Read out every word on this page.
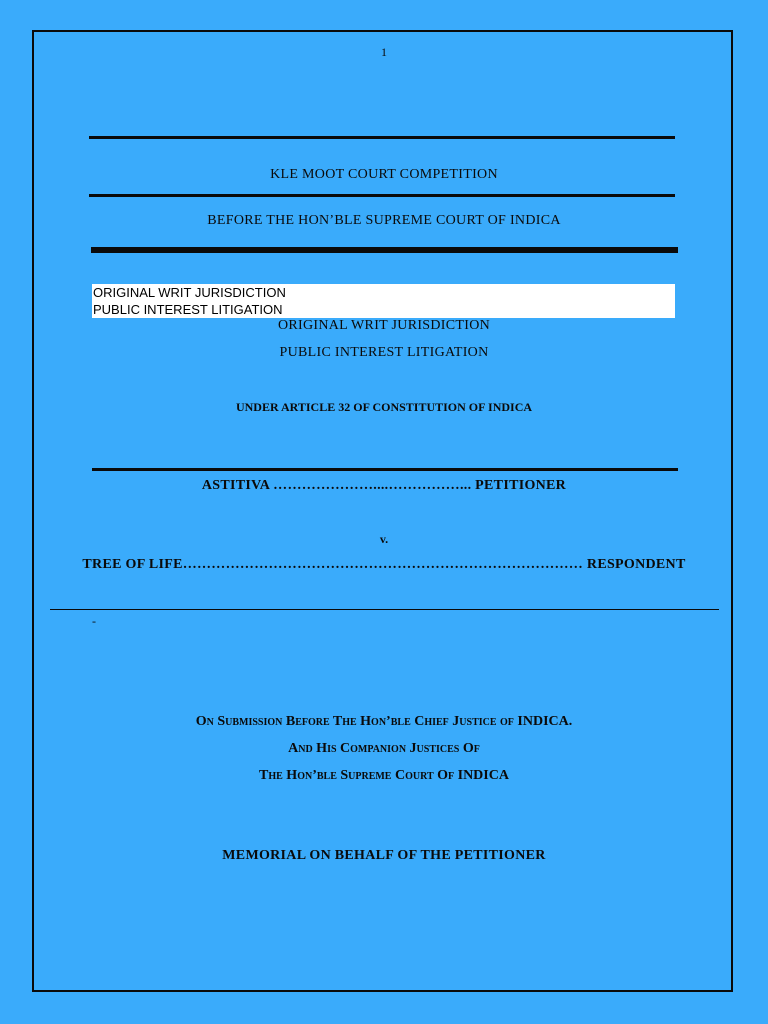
1
KLE MOOT COURT COMPETITION
BEFORE THE HON’BLE SUPREME COURT OF INDICA
ORIGINAL WRIT JURISDICTION
PUBLIC INTEREST LITIGATION
ORIGINAL WRIT JURISDICTION
PUBLIC INTEREST LITIGATION
UNDER ARTICLE 32 OF CONSTITUTION OF INDICA
ASTITIVA …………………....……………... PETITIONER
v.
TREE OF LIFE………………………………………………………………………… RESPONDENT
-
On Submission Before The Hon’ble Chief Justice of INDICA.
And His Companion Justices Of
The Hon’ble Supreme Court Of INDICA
MEMORIAL ON BEHALF OF THE PETITIONER
